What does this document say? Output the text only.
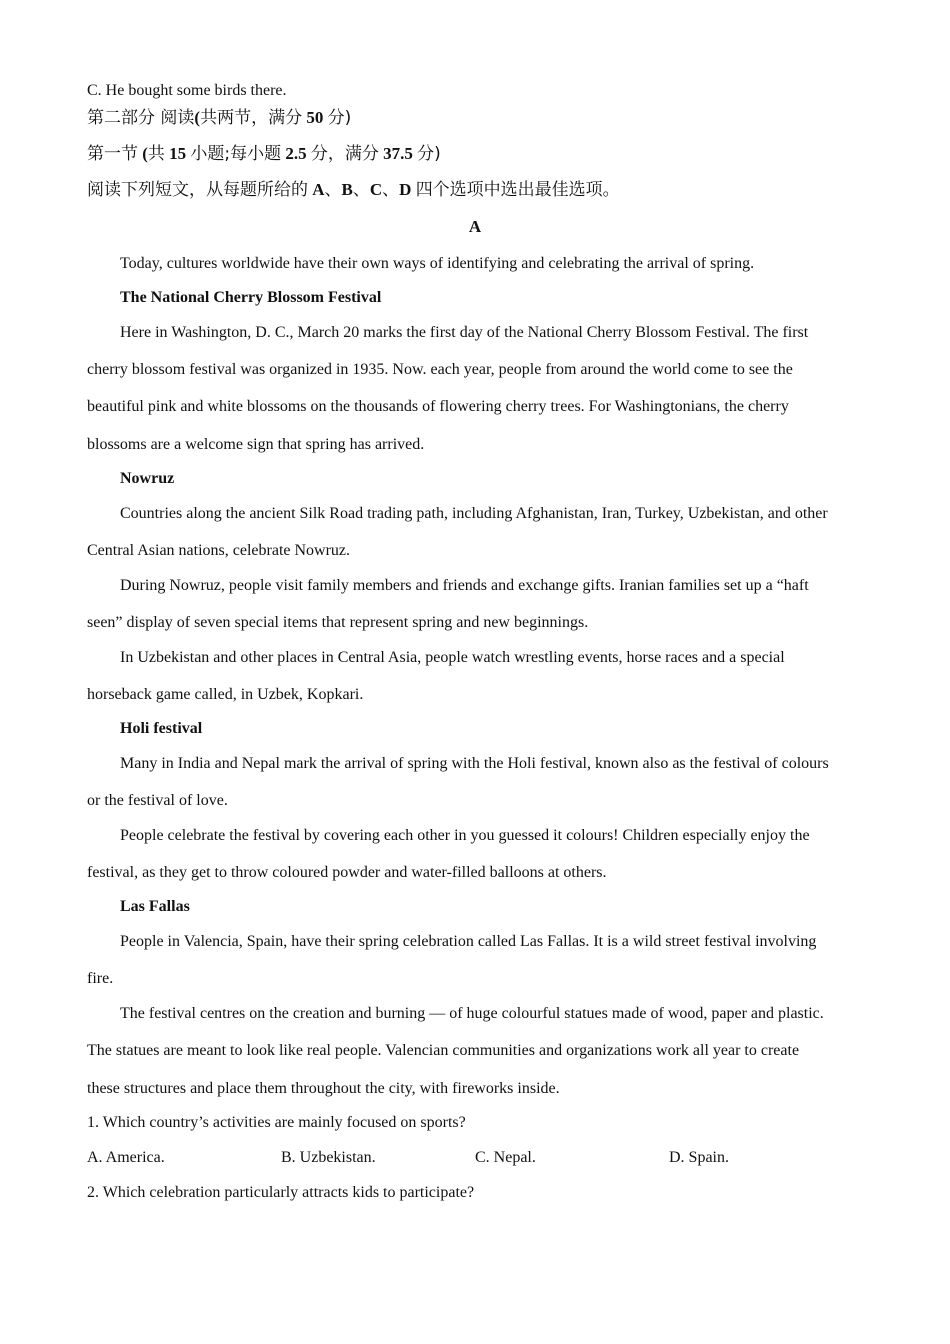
C. He bought some birds there.
第二部分 阅读(共两节，满分 50 分)
第一节 (共 15 小题;每小题 2.5 分，满分 37.5 分)
阅读下列短文，从每题所给的 A、B、C、D 四个选项中选出最佳选项。
A
Today, cultures worldwide have their own ways of identifying and celebrating the arrival of spring.
The National Cherry Blossom Festival
Here in Washington, D. C., March 20 marks the first day of the National Cherry Blossom Festival. The first
cherry blossom festival was organized in 1935. Now. each year, people from around the world come to see the
beautiful pink and white blossoms on the thousands of flowering cherry trees. For Washingtonians, the cherry
blossoms are a welcome sign that spring has arrived.
Nowruz
Countries along the ancient Silk Road trading path, including Afghanistan, Iran, Turkey, Uzbekistan, and other
Central Asian nations, celebrate Nowruz.
During Nowruz, people visit family members and friends and exchange gifts. Iranian families set up a “haft
seen” display of seven special items that represent spring and new beginnings.
In Uzbekistan and other places in Central Asia, people watch wrestling events, horse races and a special
horseback game called, in Uzbek, Kopkari.
Holi festival
Many in India and Nepal mark the arrival of spring with the Holi festival, known also as the festival of colours
or the festival of love.
People celebrate the festival by covering each other in you guessed it colours! Children especially enjoy the
festival, as they get to throw coloured powder and water-filled balloons at others.
Las Fallas
People in Valencia, Spain, have their spring celebration called Las Fallas. It is a wild street festival involving
fire.
The festival centres on the creation and burning — of huge colourful statues made of wood, paper and plastic.
The statues are meant to look like real people. Valencian communities and organizations work all year to create
these structures and place them throughout the city, with fireworks inside.
1. Which country’s activities are mainly focused on sports?
A. America.	B. Uzbekistan.	C. Nepal.	D. Spain.
2. Which celebration particularly attracts kids to participate?
